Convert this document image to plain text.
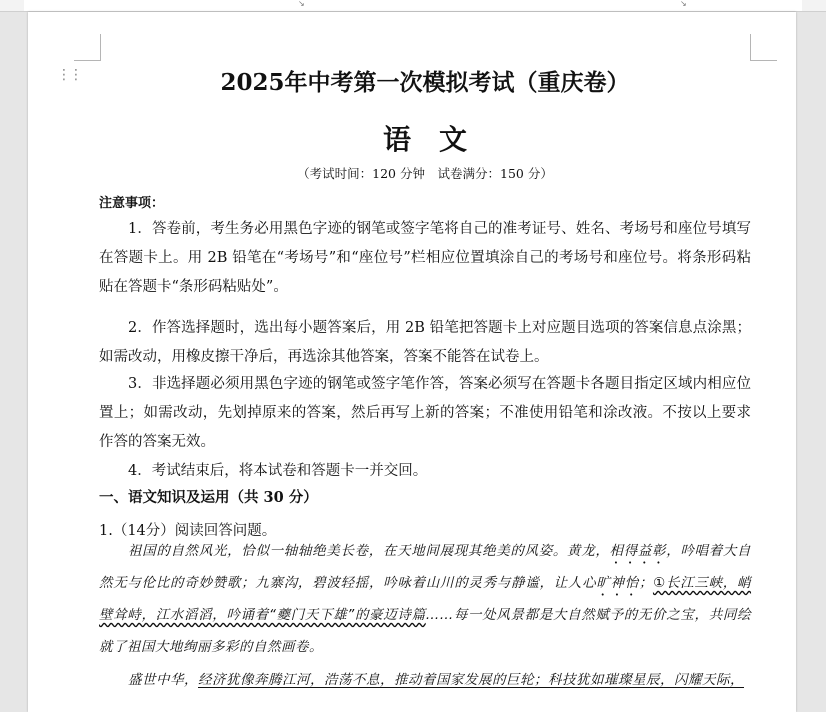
↘	↘
⋮⋮	2025年中考第一次模拟考试（重庆卷）
语文
（考试时间：120 分钟　试卷满分：150 分）
注意事项：
1．答卷前，考生务必用黑色字迹的钢笔或签字笔将自己的准考证号、姓名、考场号和座位号填写在答题卡上。用 2B 铅笔在“考场号”和“座位号”栏相应位置填涂自己的考场号和座位号。将条形码粘贴在答题卡“条形码粘贴处”。
2．作答选择题时，选出每小题答案后，用 2B 铅笔把答题卡上对应题目选项的答案信息点涂黑；如需改动，用橡皮擦干净后，再选涂其他答案，答案不能答在试卷上。
3．非选择题必须用黑色字迹的钢笔或签字笔作答，答案必须写在答题卡各题目指定区域内相应位置上；如需改动，先划掉原来的答案，然后再写上新的答案；不准使用铅笔和涂改液。不按以上要求作答的答案无效。
4．考试结束后，将本试卷和答题卡一并交回。
一、语文知识及运用（共 30 分）
1.（14分）阅读回答问题。
祖国的自然风光，恰似一轴轴绝美长卷，在天地间展现其绝美的风姿。黄龙，相得益彰，吟唱着大自然无与伦比的奇妙赞歌；九寨沟，碧波轻摇，吟咏着山川的灵秀与静谧，让人心旷神怡；①长江三峡，峭壁耸峙，江水滔滔，吟诵着“夔门天下雄”的豪迈诗篇……每一处风景都是大自然赋予的无价之宝，共同绘就了祖国大地绚丽多彩的自然画卷。
盛世中华，经济犹像奔腾江河，浩荡不息，推动着国家发展的巨轮；科技犹如璀璨星辰，闪耀天际，
